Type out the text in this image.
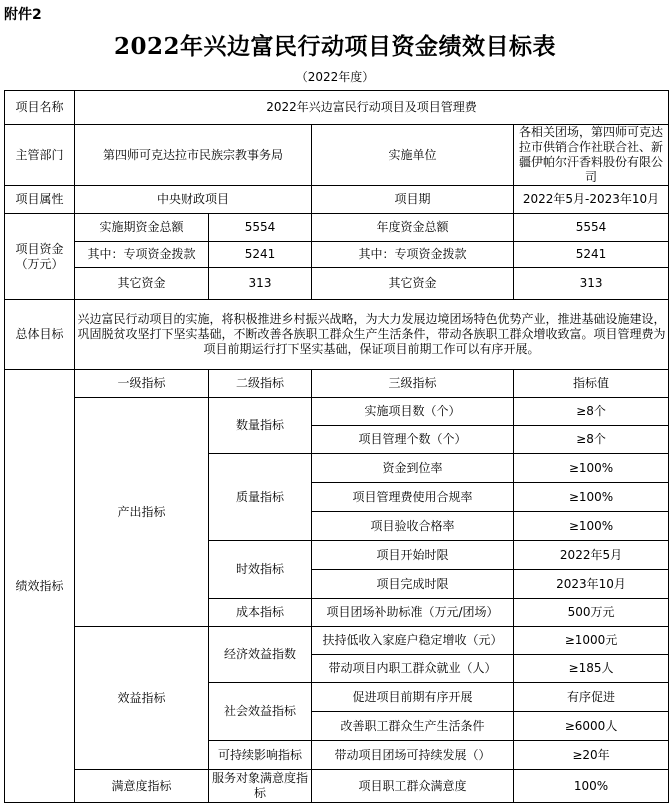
附件2
2022年兴边富民行动项目资金绩效目标表
（2022年度）
项目名称	2022年兴边富民行动项目及项目管理费			
主管部门	第四师可克达拉市民族宗教事务局		实施单位	各相关团场，第四师可克达拉市供销合作社联合社、新疆伊帕尔汗香料股份有限公司
项目属性	中央财政项目		项目期	2022年5月-2023年10月
项目资金（万元）	实施期资金总额	5554	年度资金总额	5554
	其中：专项资金拨款	5241	其中：专项资金拨款	5241
	其它资金	313	其它资金	313
总体目标	兴边富民行动项目的实施，将积极推进乡村振兴战略，为大力发展边境团场特色优势产业，推进基础设施建设，巩固脱贫攻坚打下坚实基础，不断改善各族职工群众生产生活条件，带动各族职工群众增收致富。项目管理费为项目前期运行打下坚实基础，保证项目前期工作可以有序开展。			
绩效指标	一级指标	二级指标	三级指标	指标值
	产出指标	数量指标	实施项目数（个）	≥8个
			项目管理个数（个）	≥8个
		质量指标	资金到位率	≥100%
			项目管理费使用合规率	≥100%
			项目验收合格率	≥100%
		时效指标	项目开始时限	2022年5月
			项目完成时限	2023年10月
		成本指标	项目团场补助标准（万元/团场）	500万元
	效益指标	经济效益指数	扶持低收入家庭户稳定增收（元）	≥1000元
			带动项目内职工群众就业（人）	≥185人
		社会效益指标	促进项目前期有序开展	有序促进
			改善职工群众生产生活条件	≥6000人
		可持续影响指标	带动项目团场可持续发展（）	≥20年
	满意度指标	服务对象满意度指标	项目职工群众满意度	100%
